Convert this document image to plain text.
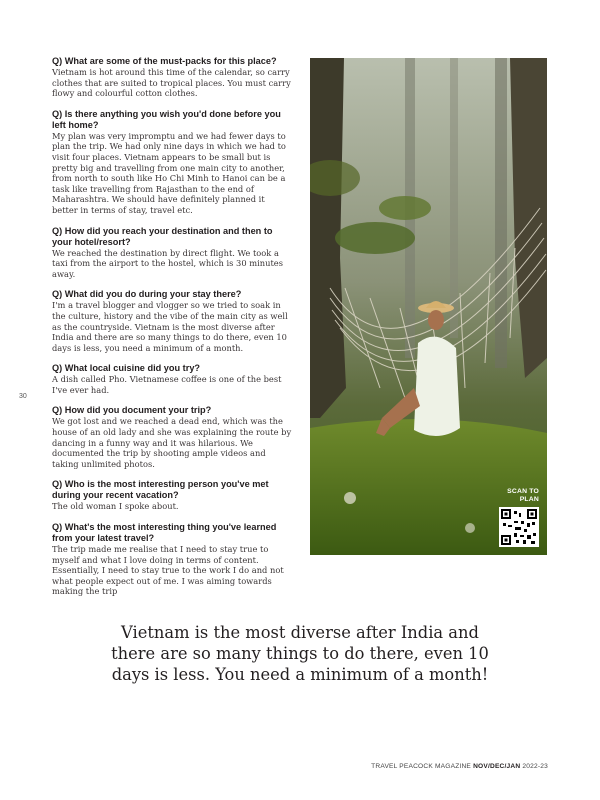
30

Q) What are some of the must-packs for this place?

Vietnam is hot around this time of the calendar, so carry clothes that are suited to tropical places. You must carry flowy and colourful cotton clothes.

Q) Is there anything you wish you'd done before you left home?

My plan was very impromptu and we had fewer days to plan the trip. We had only nine days in which we had to visit four places. Vietnam appears to be small but is pretty big and travelling from one main city to another, from north to south like Ho Chi Minh to Hanoi can be a task like travelling from Rajasthan to the end of Maharashtra. We should have definitely planned it better in terms of stay, travel etc.

Q) How did you reach your destination and then to your hotel/resort?

We reached the destination by direct flight. We took a taxi from the airport to the hostel, which is 30 minutes away.

Q) What did you do during your stay there?

I'm a travel blogger and vlogger so we tried to soak in the culture, history and the vibe of the main city as well as the countryside. Vietnam is the most diverse after India and there are so many things to do there, even 10 days is less, you need a minimum of a month.

Q) What local cuisine did you try?

A dish called Pho. Vietnamese coffee is one of the best I've ever had.

Q) How did you document your trip?

We got lost and we reached a dead end, which was the house of an old lady and she was explaining the route by dancing in a funny way and it was hilarious. We documented the trip by shooting ample videos and taking unlimited photos.

Q) Who is the most interesting person you've met during your recent vacation?

The old woman I spoke about.

Q) What's the most interesting thing you've learned from your latest travel?

The trip made me realise that I need to stay true to myself and what I love doing in terms of content. Essentially, I need to stay true to the work I do and not what people expect out of me. I was aiming towards making the trip

SCAN TO
PLAN

Vietnam is the most diverse after India and there are so many things to do there, even 10 days is less. You need a minimum of a month!

TRAVEL PEACOCK MAGAZINE NOV/DEC/JAN 2022-23
